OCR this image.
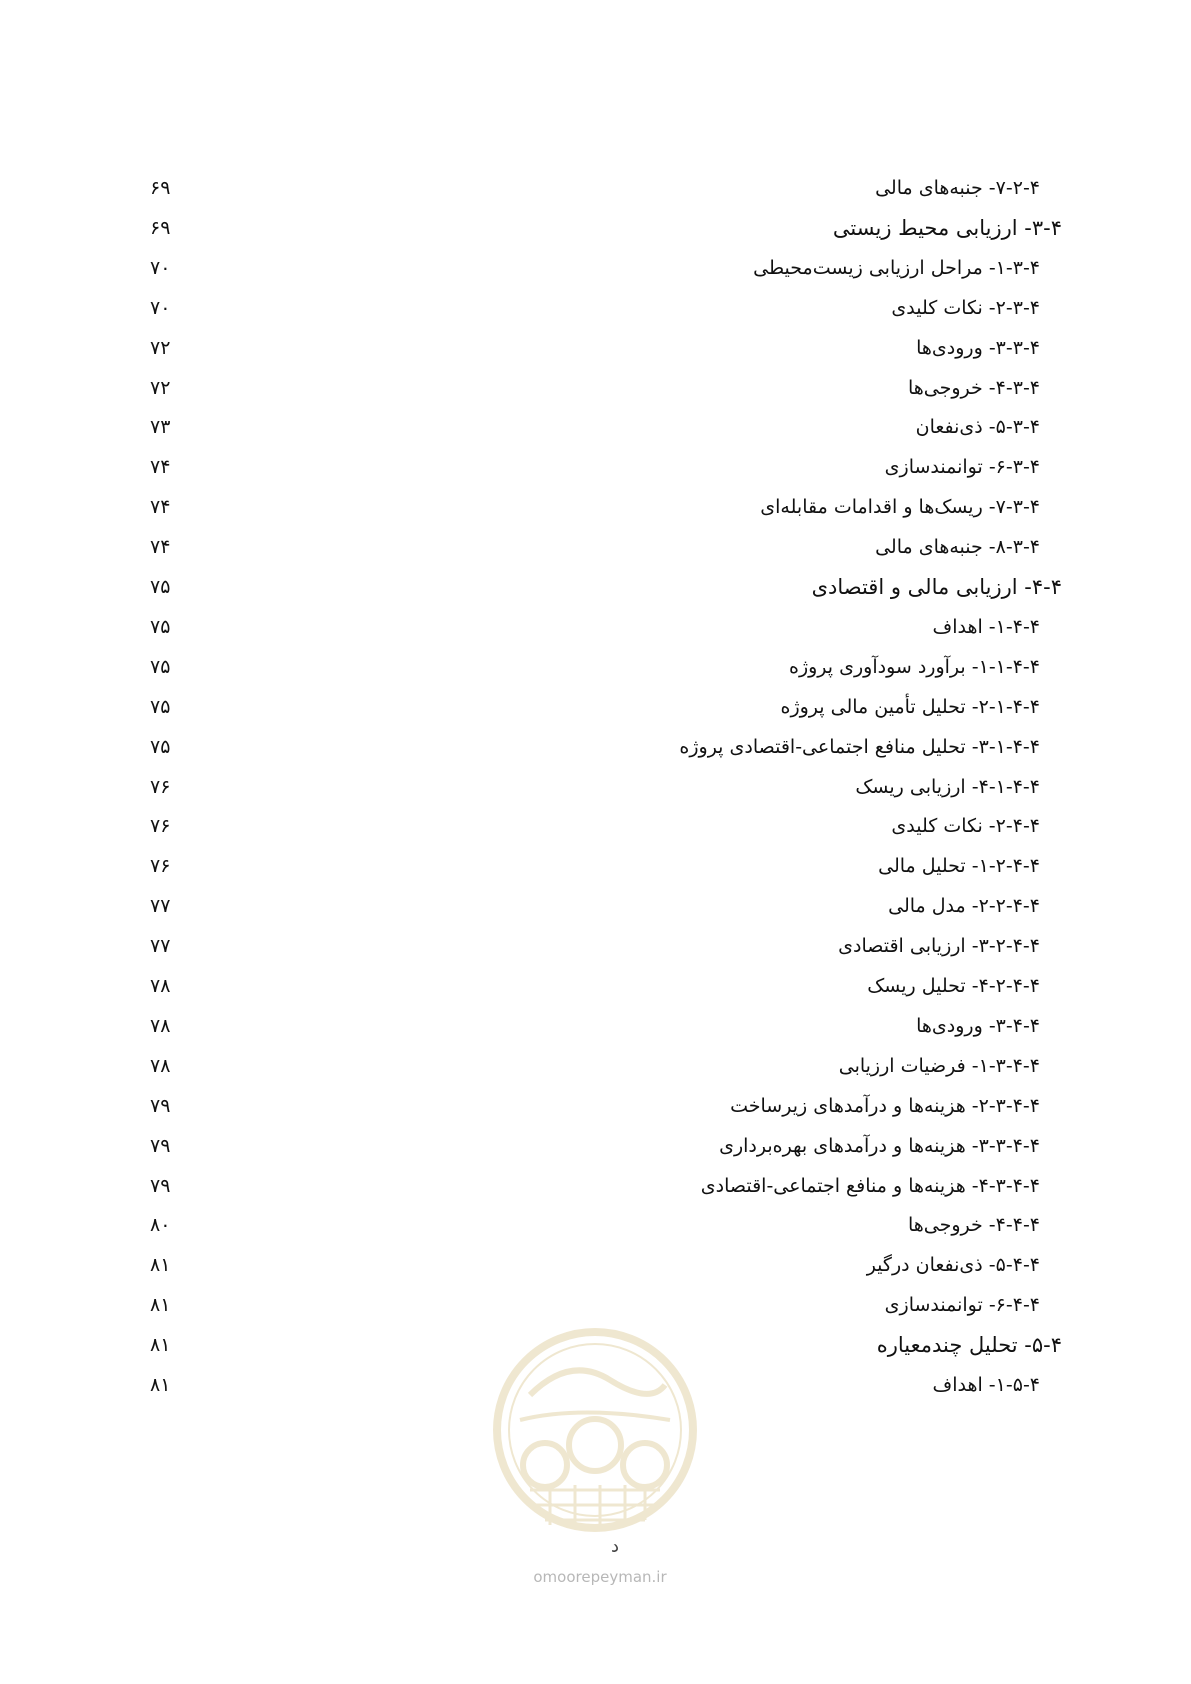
۶۹	۷-۲-۴- جنبه‌های مالی
۶۹	۳-۴- ارزیابی محیط زیستی
۷۰	۱-۳-۴- مراحل ارزیابی زیست‌محیطی
۷۰	۲-۳-۴- نکات کلیدی
۷۲	۳-۳-۴- ورودی‌ها
۷۲	۴-۳-۴- خروجی‌ها
۷۳	۵-۳-۴- ذی‌نفعان
۷۴	۶-۳-۴- توانمندسازی
۷۴	۷-۳-۴- ریسک‌ها و اقدامات مقابله‌ای
۷۴	۸-۳-۴- جنبه‌های مالی
۷۵	۴-۴- ارزیابی مالی و اقتصادی
۷۵	۱-۴-۴- اهداف
۷۵	۱-۱-۴-۴- برآورد سودآوری پروژه
۷۵	۲-۱-۴-۴- تحلیل تأمین مالی پروژه
۷۵	۳-۱-۴-۴- تحلیل منافع اجتماعی-اقتصادی پروژه
۷۶	۴-۱-۴-۴- ارزیابی ریسک
۷۶	۲-۴-۴- نکات کلیدی
۷۶	۱-۲-۴-۴- تحلیل مالی
۷۷	۲-۲-۴-۴- مدل مالی
۷۷	۳-۲-۴-۴- ارزیابی اقتصادی
۷۸	۴-۲-۴-۴- تحلیل ریسک
۷۸	۳-۴-۴- ورودی‌ها
۷۸	۱-۳-۴-۴- فرضیات ارزیابی
۷۹	۲-۳-۴-۴- هزینه‌ها و درآمدهای زیرساخت
۷۹	۳-۳-۴-۴- هزینه‌ها و درآمدهای بهره‌برداری
۷۹	۴-۳-۴-۴- هزینه‌ها و منافع اجتماعی-اقتصادی
۸۰	۴-۴-۴- خروجی‌ها
۸۱	۵-۴-۴- ذی‌نفعان درگیر
۸۱	۶-۴-۴- توانمندسازی
۸۱	۵-۴- تحلیل چندمعیاره
۸۱	۱-۵-۴- اهداف
د
omoorepeyman.ir
